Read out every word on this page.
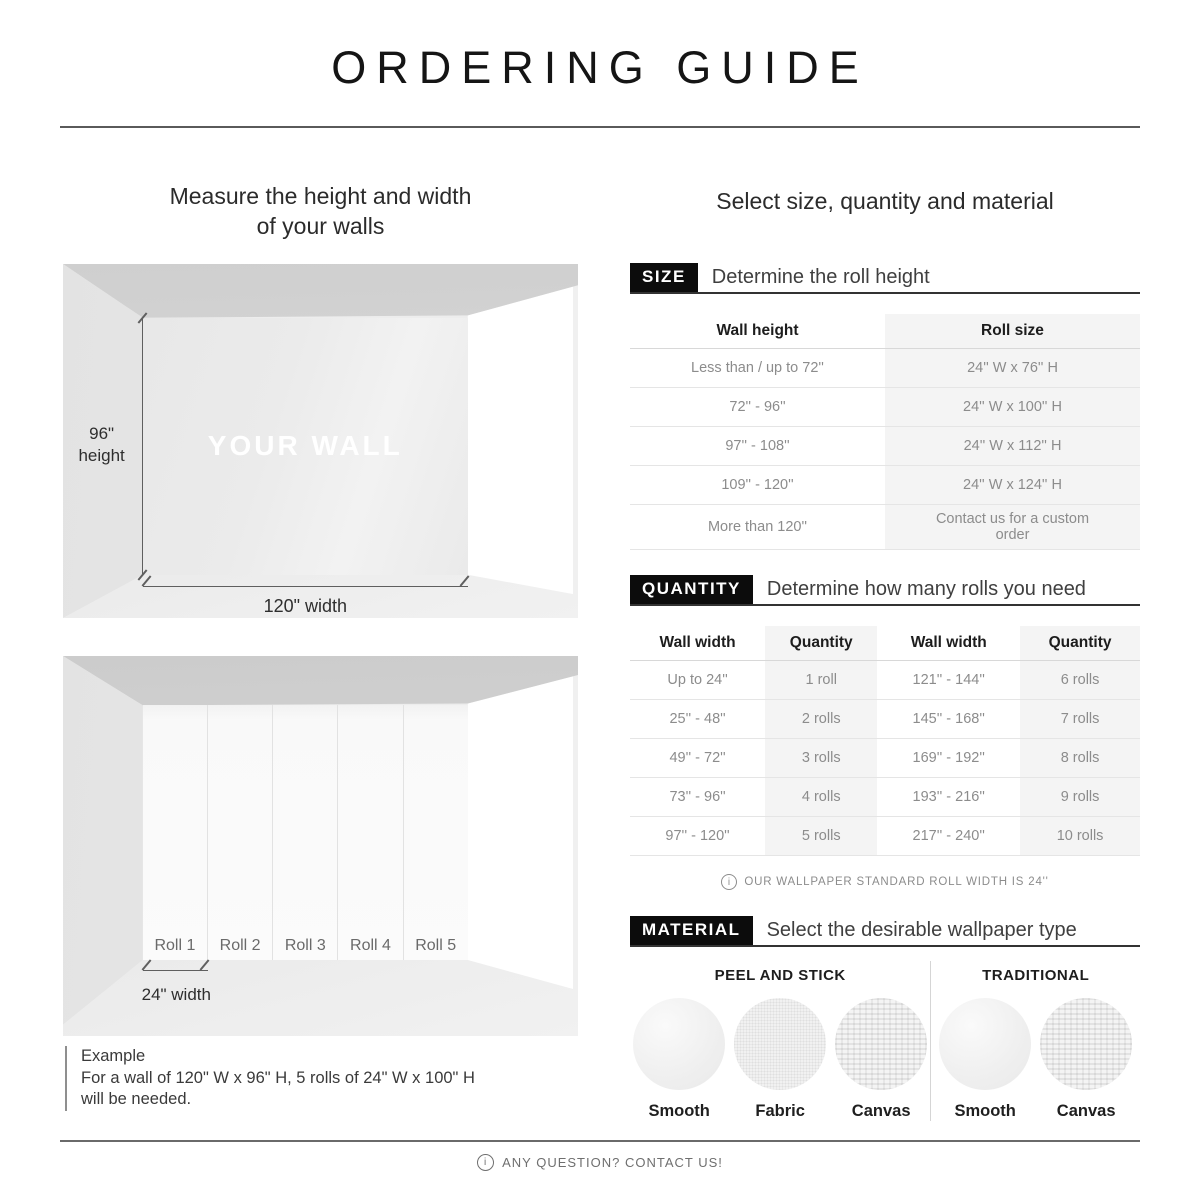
ORDERING GUIDE
Measure the height and width
of your walls
Select size, quantity and material
YOUR WALL
96"
height
120" width
Roll 1	Roll 2	Roll 3	Roll 4	Roll 5
24" width
Example
For a wall of 120" W x 96" H, 5 rolls of 24" W x 100" H
will be needed.
SIZE	Determine the roll height
Wall height	Roll size
Less than / up to 72''	24'' W x 76'' H
72'' - 96''	24'' W x 100'' H
97'' - 108''	24'' W x 112'' H
109'' - 120''	24'' W x 124'' H
More than 120''	Contact us for a custom order
QUANTITY	Determine how many rolls you need
Wall width	Quantity	Wall width	Quantity
Up to 24''	1 roll	121'' - 144''	6 rolls
25'' - 48''	2 rolls	145'' - 168''	7 rolls
49'' - 72''	3 rolls	169'' - 192''	8 rolls
73'' - 96''	4 rolls	193'' - 216''	9 rolls
97'' - 120''	5 rolls	217'' - 240''	10 rolls
i	OUR WALLPAPER STANDARD ROLL WIDTH IS 24''
MATERIAL	Select the desirable wallpaper type
PEEL AND STICK
Smooth	Fabric	Canvas
TRADITIONAL
Smooth	Canvas
i	ANY QUESTION? CONTACT US!
